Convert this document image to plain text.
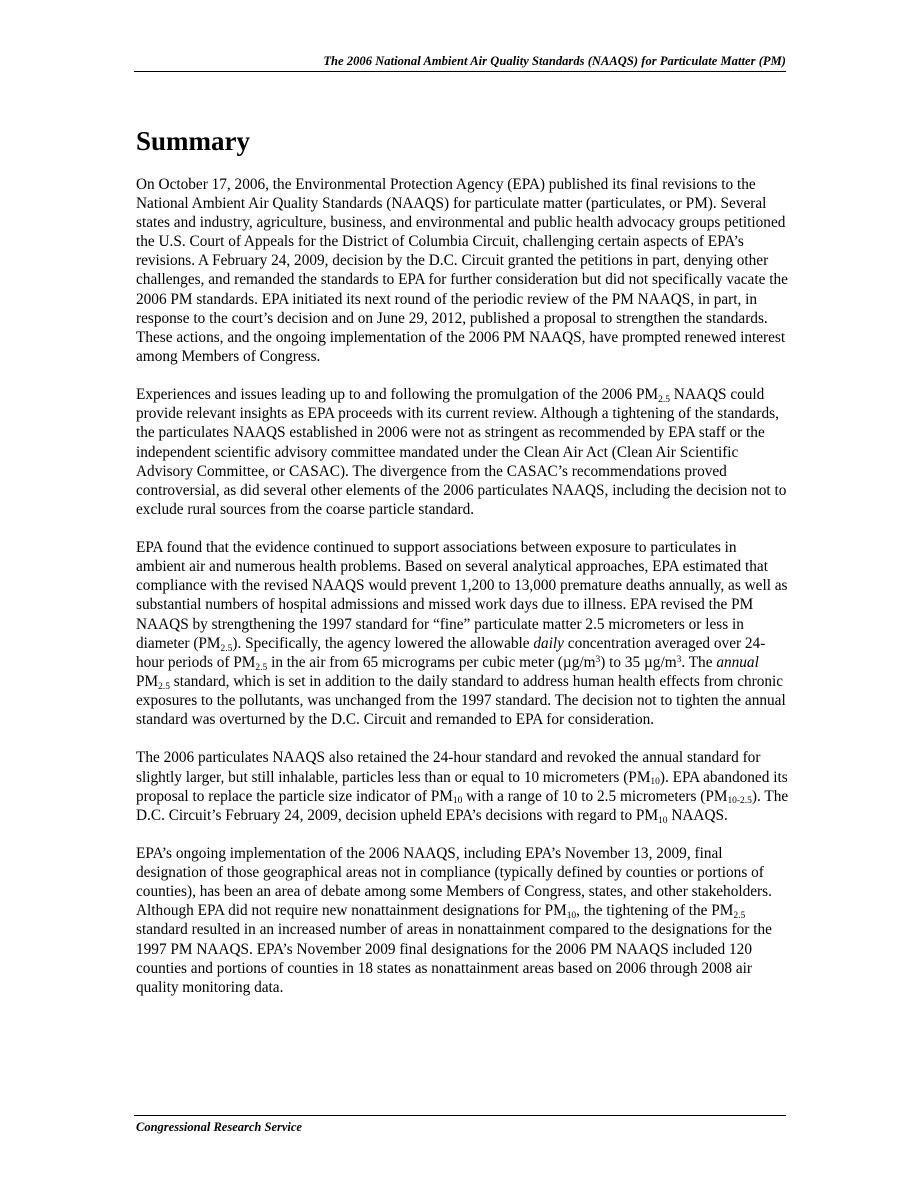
The 2006 National Ambient Air Quality Standards (NAAQS) for Particulate Matter (PM)
Summary

On October 17, 2006, the Environmental Protection Agency (EPA) published its final revisions to the National Ambient Air Quality Standards (NAAQS) for particulate matter (particulates, or PM). Several states and industry, agriculture, business, and environmental and public health advocacy groups petitioned the U.S. Court of Appeals for the District of Columbia Circuit, challenging certain aspects of EPA’s revisions. A February 24, 2009, decision by the D.C. Circuit granted the petitions in part, denying other challenges, and remanded the standards to EPA for further consideration but did not specifically vacate the 2006 PM standards. EPA initiated its next round of the periodic review of the PM NAAQS, in part, in response to the court’s decision and on June 29, 2012, published a proposal to strengthen the standards. These actions, and the ongoing implementation of the 2006 PM NAAQS, have prompted renewed interest among Members of Congress.

Experiences and issues leading up to and following the promulgation of the 2006 $PM_{2.5}$ NAAQS could provide relevant insights as EPA proceeds with its current review. Although a tightening of the standards, the particulates NAAQS established in 2006 were not as stringent as recommended by EPA staff or the independent scientific advisory committee mandated under the Clean Air Act (Clean Air Scientific Advisory Committee, or CASAC). The divergence from the CASAC’s recommendations proved controversial, as did several other elements of the 2006 particulates NAAQS, including the decision not to exclude rural sources from the coarse particle standard.

EPA found that the evidence continued to support associations between exposure to particulates in ambient air and numerous health problems. Based on several analytical approaches, EPA estimated that compliance with the revised NAAQS would prevent 1,200 to 13,000 premature deaths annually, as well as substantial numbers of hospital admissions and missed work days due to illness. EPA revised the PM NAAQS by strengthening the 1997 standard for “fine” particulate matter 2.5 micrometers or less in diameter $(PM_{2.5})$. Specifically, the agency lowered the allowable daily concentration averaged over 24-hour periods of $PM_{2.5}$ in the air from 65 micrograms per cubic meter $(\mu g/m^3)$ to 35 $\mu g/m^3$. The annual $PM_{2.5}$ standard, which is set in addition to the daily standard to address human health effects from chronic exposures to the pollutants, was unchanged from the 1997 standard. The decision not to tighten the annual standard was overturned by the D.C. Circuit and remanded to EPA for consideration.

The 2006 particulates NAAQS also retained the 24-hour standard and revoked the annual standard for slightly larger, but still inhalable, particles less than or equal to 10 micrometers $(PM_{10})$. EPA abandoned its proposal to replace the particle size indicator of $PM_{10}$ with a range of 10 to 2.5 micrometers $(PM_{10-2.5})$. The D.C. Circuit’s February 24, 2009, decision upheld EPA’s decisions with regard to $PM_{10}$ NAAQS.

EPA’s ongoing implementation of the 2006 NAAQS, including EPA’s November 13, 2009, final designation of those geographical areas not in compliance (typically defined by counties or portions of counties), has been an area of debate among some Members of Congress, states, and other stakeholders. Although EPA did not require new nonattainment designations for $PM_{10}$, the tightening of the $PM_{2.5}$ standard resulted in an increased number of areas in nonattainment compared to the designations for the 1997 PM NAAQS. EPA’s November 2009 final designations for the 2006 PM NAAQS included 120 counties and portions of counties in 18 states as nonattainment areas based on 2006 through 2008 air quality monitoring data.

Congressional Research Service
